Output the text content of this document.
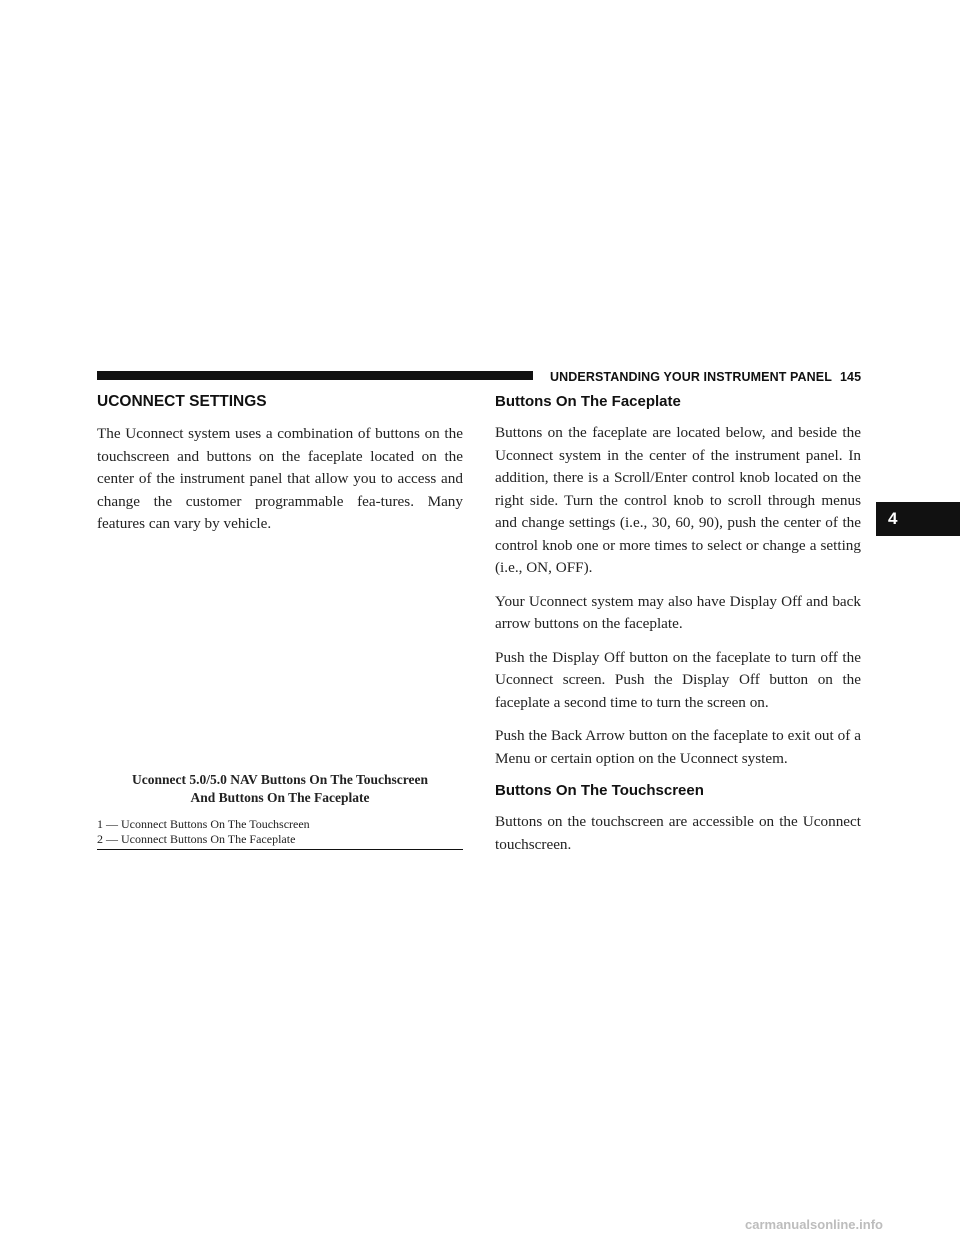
UNDERSTANDING YOUR INSTRUMENT PANEL 145
4
UCONNECT SETTINGS

The Uconnect system uses a combination of buttons on the touchscreen and buttons on the faceplate located on the center of the instrument panel that allow you to access and change the customer programmable fea-tures. Many features can vary by vehicle.

Uconnect 5.0/5.0 NAV Buttons On The Touchscreen
And Buttons On The Faceplate

1 — Uconnect Buttons On The Touchscreen

2 — Uconnect Buttons On The Faceplate

Buttons On The Faceplate

Buttons on the faceplate are located below, and beside the Uconnect system in the center of the instrument panel. In addition, there is a Scroll/Enter control knob located on the right side. Turn the control knob to scroll through menus and change settings (i.e., 30, 60, 90), push the center of the control knob one or more times to select or change a setting (i.e., ON, OFF).

Your Uconnect system may also have Display Off and back arrow buttons on the faceplate.

Push the Display Off button on the faceplate to turn off the Uconnect screen. Push the Display Off button on the faceplate a second time to turn the screen on.

Push the Back Arrow button on the faceplate to exit out of a Menu or certain option on the Uconnect system.

Buttons On The Touchscreen

Buttons on the touchscreen are accessible on the Uconnect touchscreen.

carmanualsonline.info
